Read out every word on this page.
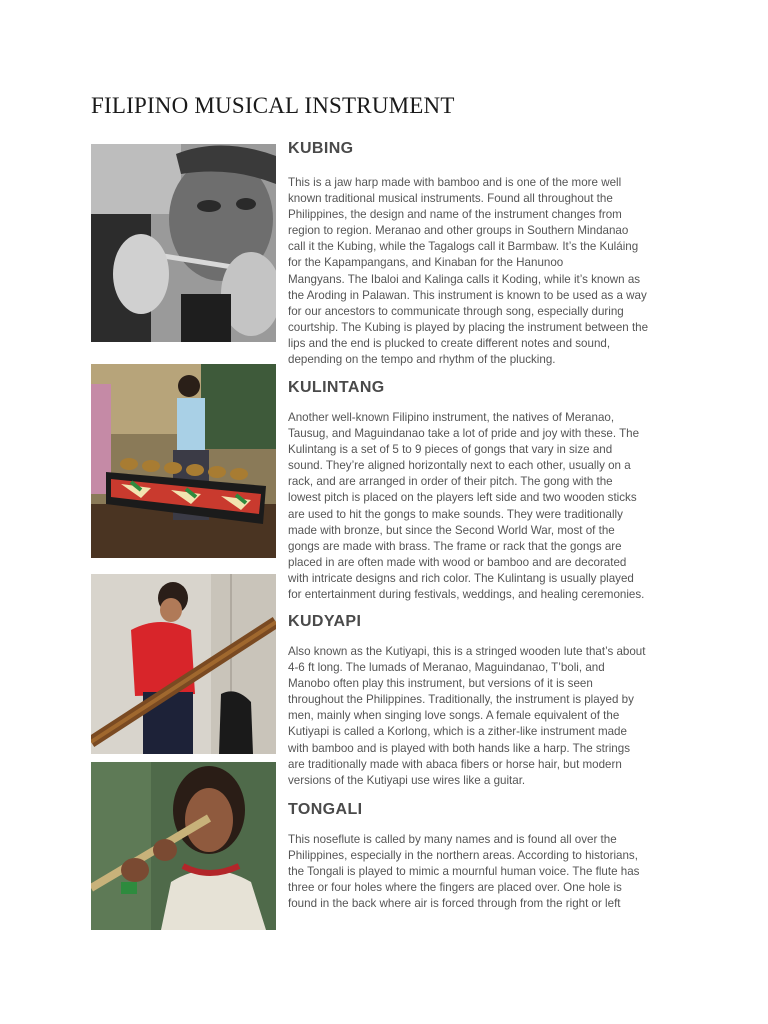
FILIPINO MUSICAL INSTRUMENT
KUBING
This is a jaw harp made with bamboo and is one of the more well
known traditional musical instruments. Found all throughout the
Philippines, the design and name of the instrument changes from
region to region. Meranao and other groups in Southern Mindanao
call it the Kubing, while the Tagalogs call it Barmbaw. It’s the Kuláing
for the Kapampangans, and Kinaban for the Hanunoo
Mangyans. The Ibaloi and Kalinga calls it Koding, while it’s known as
the Aroding in Palawan. This instrument is known to be used as a way
for our ancestors to communicate through song, especially during
courtship. The Kubing is played by placing the instrument between the
lips and the end is plucked to create different notes and sound,
depending on the tempo and rhythm of the plucking.
KULINTANG
Another well-known Filipino instrument, the natives of Meranao,
Tausug, and Maguindanao take a lot of pride and joy with these. The
Kulintang is a set of 5 to 9 pieces of gongs that vary in size and
sound. They’re aligned horizontally next to each other, usually on a
rack, and are arranged in order of their pitch. The gong with the
lowest pitch is placed on the players left side and two wooden sticks
are used to hit the gongs to make sounds. They were traditionally
made with bronze, but since the Second World War, most of the
gongs are made with brass. The frame or rack that the gongs are
placed in are often made with wood or bamboo and are decorated
with intricate designs and rich color. The Kulintang is usually played
for entertainment during festivals, weddings, and healing ceremonies.
KUDYAPI
Also known as the Kutiyapi, this is a stringed wooden lute that’s about
4-6 ft long. The lumads of Meranao, Maguindanao, T’boli, and
Manobo often play this instrument, but versions of it is seen
throughout the Philippines. Traditionally, the instrument is played by
men, mainly when singing love songs. A female equivalent of the
Kutiyapi is called a Korlong, which is a zither-like instrument made
with bamboo and is played with both hands like a harp. The strings
are traditionally made with abaca fibers or horse hair, but modern
versions of the Kutiyapi use wires like a guitar.
TONGALI
This noseflute is called by many names and is found all over the
Philippines, especially in the northern areas. According to historians,
the Tongali is played to mimic a mournful human voice. The flute has
three or four holes where the fingers are placed over. One hole is
found in the back where air is forced through from the right or left
